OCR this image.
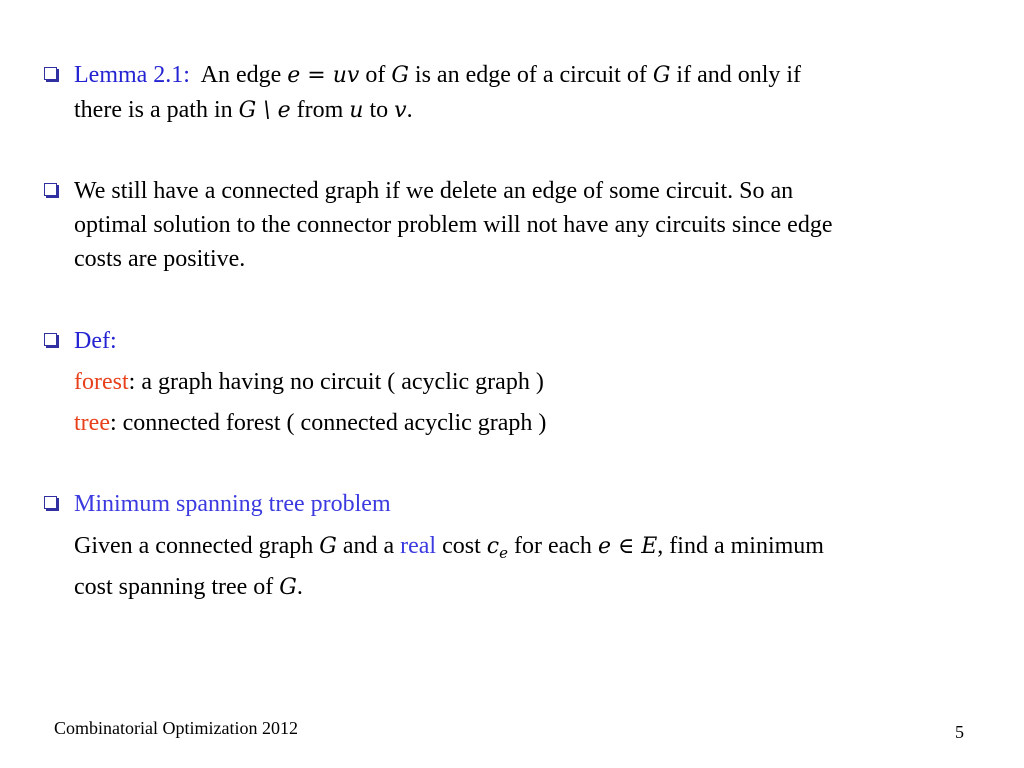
Lemma 2.1: An edge e = uv of G is an edge of a circuit of G if and only if
there is a path in G \ e from u to v.
We still have a connected graph if we delete an edge of some circuit. So an
optimal solution to the connector problem will not have any circuits since edge
costs are positive.
Def:
forest: a graph having no circuit ( acyclic graph )
tree: connected forest ( connected acyclic graph )
Minimum spanning tree problem
Given a connected graph G and a real cost $c_e$ for each e ∈ E, find a minimum
cost spanning tree of G.
Combinatorial Optimization 2012	5
